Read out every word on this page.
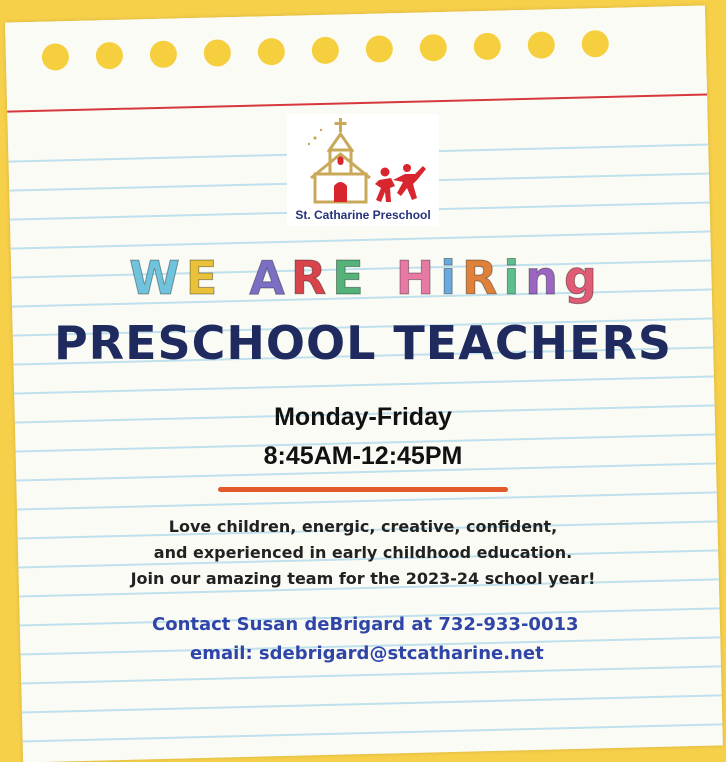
St. Catharine Preschool
W E A R E H i R i n g
PRESCHOOL TEACHERS
Monday-Friday
8:45AM-12:45PM
Love children, energic, creative, confident,
and experienced in early childhood education.
Join our amazing team for the 2023-24 school year!
Contact Susan deBrigard at 732-933-0013
email: sdebrigard@stcatharine.net
